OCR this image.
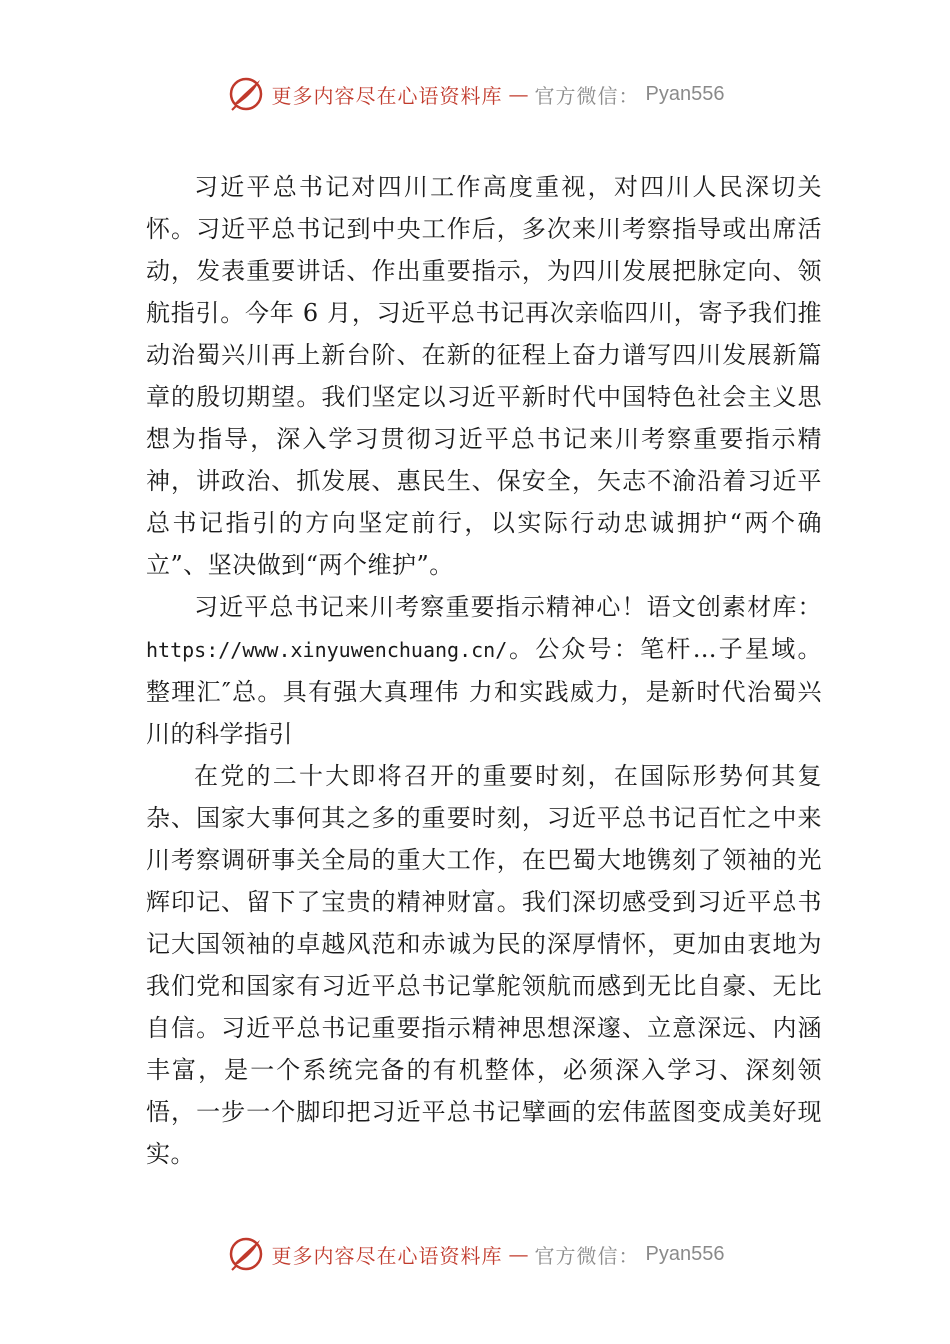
更多内容尽在心语资料库 — 官方微信： Pyan556

习近平总书记对四川工作高度重视，对四川人民深切关怀。习近平总书记到中央工作后，多次来川考察指导或出席活动，发表重要讲话、作出重要指示，为四川发展把脉定向、领航指引。今年 6 月，习近平总书记再次亲临四川，寄予我们推动治蜀兴川再上新台阶、在新的征程上奋力谱写四川发展新篇章的殷切期望。我们坚定以习近平新时代中国特色社会主义思想为指导，深入学习贯彻习近平总书记来川考察重要指示精神，讲政治、抓发展、惠民生、保安全，矢志不渝沿着习近平总书记指引的方向坚定前行，以实际行动忠诚拥护“两个确立”、坚决做到“两个维护”。

习近平总书记来川考察重要指示精神心！语文创素材库：https://www.xinyuwenchuang.cn/。公众号：笔杆…子星域。整理汇″总。具有强大真理伟 力和实践威力，是新时代治蜀兴川的科学指引

在党的二十大即将召开的重要时刻，在国际形势何其复杂、国家大事何其之多的重要时刻，习近平总书记百忙之中来川考察调研事关全局的重大工作，在巴蜀大地镌刻了领袖的光辉印记、留下了宝贵的精神财富。我们深切感受到习近平总书记大国领袖的卓越风范和赤诚为民的深厚情怀，更加由衷地为我们党和国家有习近平总书记掌舵领航而感到无比自豪、无比自信。习近平总书记重要指示精神思想深邃、立意深远、内涵丰富，是一个系统完备的有机整体，必须深入学习、深刻领悟，一步一个脚印把习近平总书记擘画的宏伟蓝图变成美好现实。

更多内容尽在心语资料库 — 官方微信： Pyan556
